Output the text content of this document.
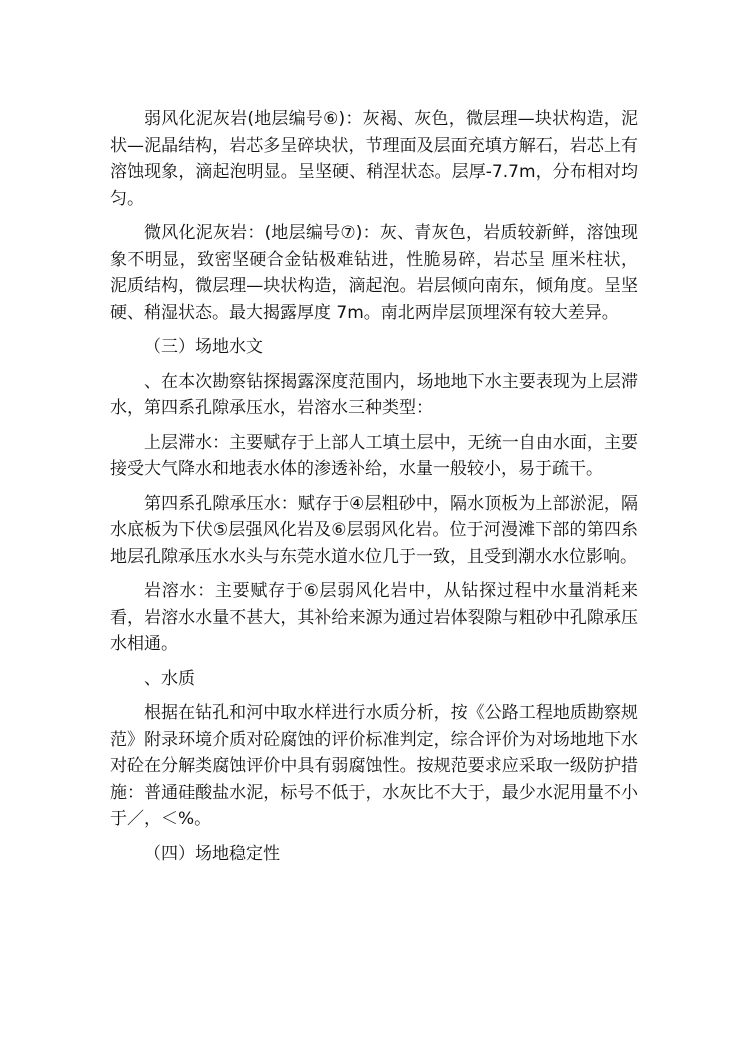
弱风化泥灰岩(地层编号⑥)：灰褐、灰色，微层理—块状构造，泥状—泥晶结构，岩芯多呈碎块状，节理面及层面充填方解石，岩芯上有溶蚀现象，滴起泡明显。呈坚硬、稍涅状态。层厚-7.7m，分布相对均匀。

微风化泥灰岩：(地层编号⑦)：灰、青灰色，岩质较新鲜，溶蚀现象不明显，致密坚硬合金钻极难钻进，性脆易碎，岩芯呈 厘米柱状，泥质结构，微层理—块状构造，滴起泡。岩层倾向南东，倾角度。呈坚硬、稍湿状态。最大揭露厚度 7m。南北两岸层顶埋深有较大差异。

（三）场地水文

、在本次勘察钻探揭露深度范围内，场地地下水主要表现为上层滞水，第四系孔隙承压水，岩溶水三种类型：

上层滞水：主要赋存于上部人工填土层中，无统一自由水面，主要接受大气降水和地表水体的渗透补给，水量一般较小，易于疏干。

第四系孔隙承压水：赋存于④层粗砂中，隔水顶板为上部淤泥，隔水底板为下伏⑤层强风化岩及⑥层弱风化岩。位于河漫滩下部的第四糸地层孔隙承压水水头与东莞水道水位几于一致，且受到潮水水位影响。

岩溶水：主要赋存于⑥层弱风化岩中，从钻探过程中水量消耗来看，岩溶水水量不甚大，其补给来源为通过岩体裂隙与粗砂中孔隙承压水相通。

、水质

根据在钻孔和河中取水样进行水质分析，按《公路工程地质勘察规范》附录环境介质对砼腐蚀的评价标准判定，综合评价为对场地地下水对砼在分解类腐蚀评价中具有弱腐蚀性。按规范要求应采取一级防护措施：普通硅酸盐水泥，标号不低于，水灰比不大于，最少水泥用量不小于／，＜%。

（四）场地稳定性
